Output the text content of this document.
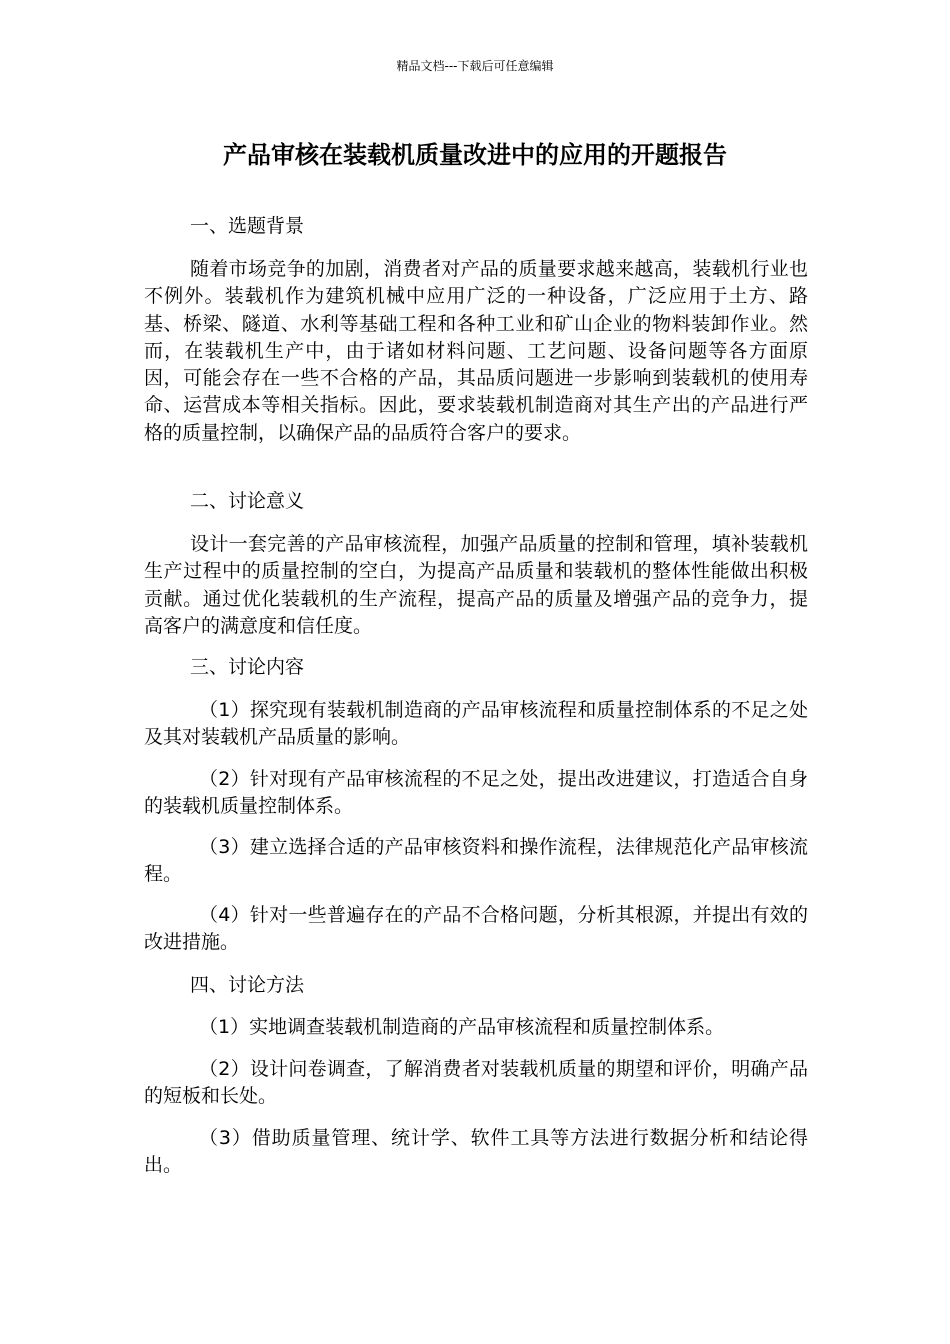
精品文档---下载后可任意编辑
产品审核在装载机质量改进中的应用的开题报告

一、选题背景

随着市场竞争的加剧，消费者对产品的质量要求越来越高，装载机行业也不例外。装载机作为建筑机械中应用广泛的一种设备，广泛应用于土方、路基、桥梁、隧道、水利等基础工程和各种工业和矿山企业的物料装卸作业。然而，在装载机生产中，由于诸如材料问题、工艺问题、设备问题等各方面原因，可能会存在一些不合格的产品，其品质问题进一步影响到装载机的使用寿命、运营成本等相关指标。因此，要求装载机制造商对其生产出的产品进行严格的质量控制，以确保产品的品质符合客户的要求。

二、讨论意义

设计一套完善的产品审核流程，加强产品质量的控制和管理，填补装载机生产过程中的质量控制的空白，为提高产品质量和装载机的整体性能做出积极贡献。通过优化装载机的生产流程，提高产品的质量及增强产品的竞争力，提高客户的满意度和信任度。

三、讨论内容

（1）探究现有装载机制造商的产品审核流程和质量控制体系的不足之处及其对装载机产品质量的影响。

（2）针对现有产品审核流程的不足之处，提出改进建议，打造适合自身的装载机质量控制体系。

（3）建立选择合适的产品审核资料和操作流程，法律规范化产品审核流程。

（4）针对一些普遍存在的产品不合格问题，分析其根源，并提出有效的改进措施。

四、讨论方法

（1）实地调查装载机制造商的产品审核流程和质量控制体系。

（2）设计问卷调查，了解消费者对装载机质量的期望和评价，明确产品的短板和长处。

（3）借助质量管理、统计学、软件工具等方法进行数据分析和结论得出。
